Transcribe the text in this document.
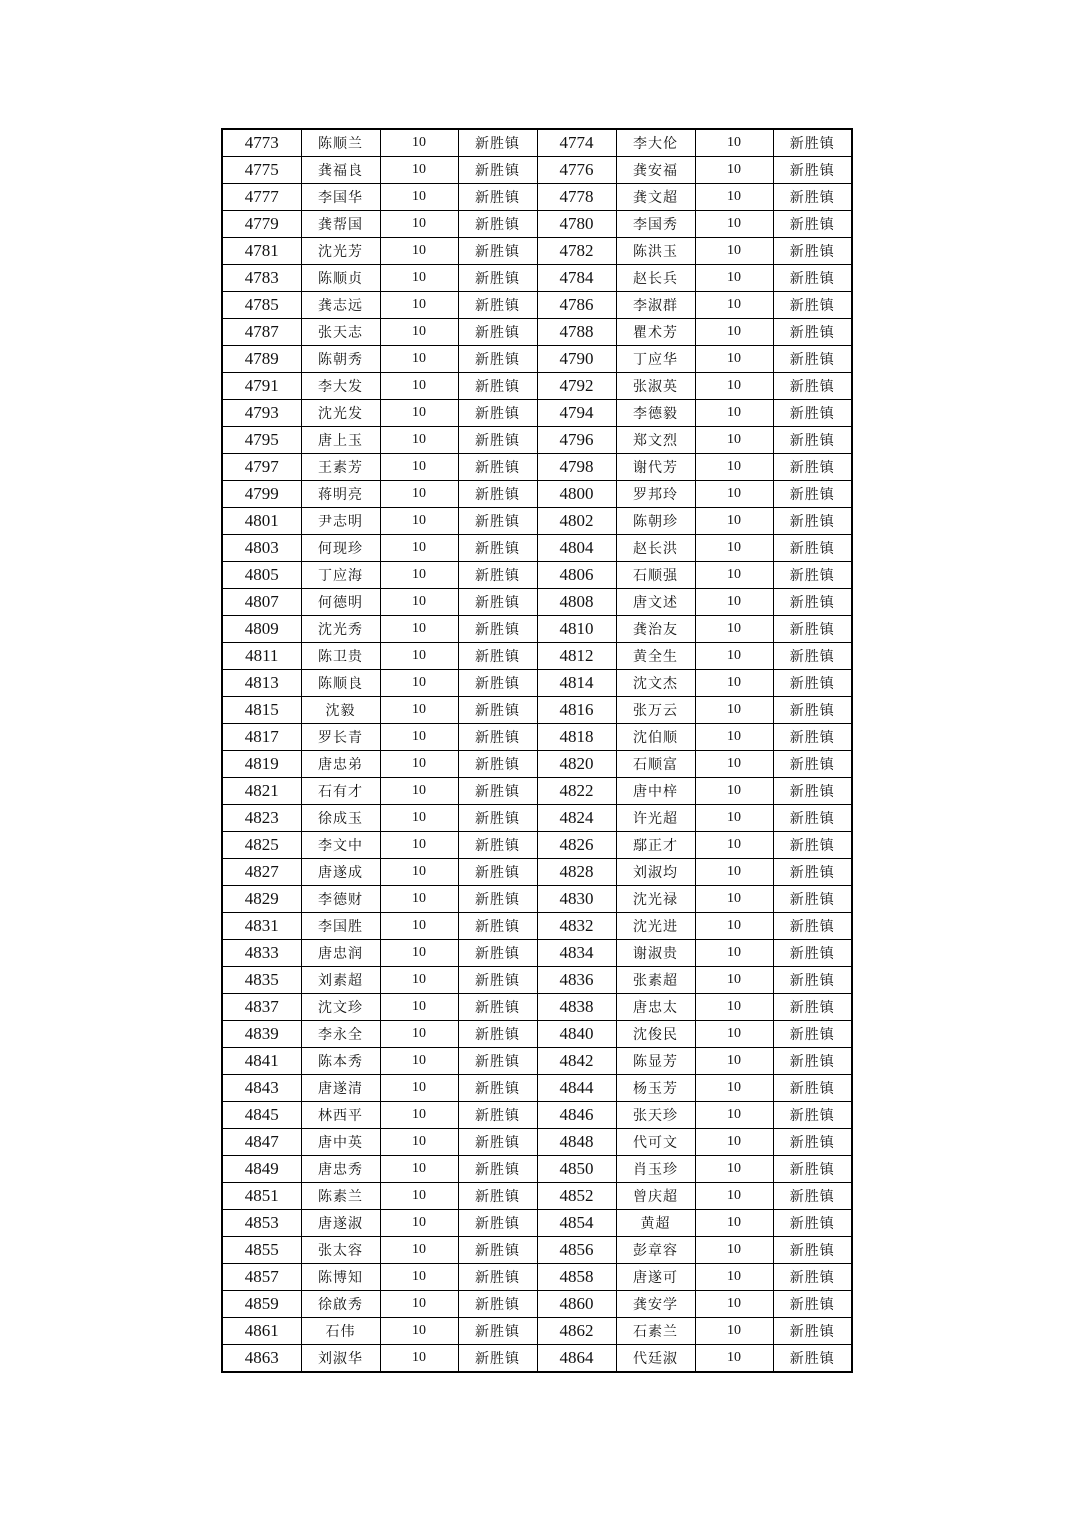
4773	陈顺兰	10	新胜镇	4774	李大伦	10	新胜镇
4775	龚福良	10	新胜镇	4776	龚安福	10	新胜镇
4777	李国华	10	新胜镇	4778	龚文超	10	新胜镇
4779	龚帮国	10	新胜镇	4780	李国秀	10	新胜镇
4781	沈光芳	10	新胜镇	4782	陈洪玉	10	新胜镇
4783	陈顺贞	10	新胜镇	4784	赵长兵	10	新胜镇
4785	龚志远	10	新胜镇	4786	李淑群	10	新胜镇
4787	张天志	10	新胜镇	4788	瞿术芳	10	新胜镇
4789	陈朝秀	10	新胜镇	4790	丁应华	10	新胜镇
4791	李大发	10	新胜镇	4792	张淑英	10	新胜镇
4793	沈光发	10	新胜镇	4794	李德毅	10	新胜镇
4795	唐上玉	10	新胜镇	4796	郑文烈	10	新胜镇
4797	王素芳	10	新胜镇	4798	谢代芳	10	新胜镇
4799	蒋明亮	10	新胜镇	4800	罗邦玲	10	新胜镇
4801	尹志明	10	新胜镇	4802	陈朝珍	10	新胜镇
4803	何现珍	10	新胜镇	4804	赵长洪	10	新胜镇
4805	丁应海	10	新胜镇	4806	石顺强	10	新胜镇
4807	何德明	10	新胜镇	4808	唐文述	10	新胜镇
4809	沈光秀	10	新胜镇	4810	龚治友	10	新胜镇
4811	陈卫贵	10	新胜镇	4812	黄全生	10	新胜镇
4813	陈顺良	10	新胜镇	4814	沈文杰	10	新胜镇
4815	沈毅	10	新胜镇	4816	张万云	10	新胜镇
4817	罗长青	10	新胜镇	4818	沈伯顺	10	新胜镇
4819	唐忠弟	10	新胜镇	4820	石顺富	10	新胜镇
4821	石有才	10	新胜镇	4822	唐中梓	10	新胜镇
4823	徐成玉	10	新胜镇	4824	许光超	10	新胜镇
4825	李文中	10	新胜镇	4826	鄢正才	10	新胜镇
4827	唐遂成	10	新胜镇	4828	刘淑均	10	新胜镇
4829	李德财	10	新胜镇	4830	沈光禄	10	新胜镇
4831	李国胜	10	新胜镇	4832	沈光进	10	新胜镇
4833	唐忠润	10	新胜镇	4834	谢淑贵	10	新胜镇
4835	刘素超	10	新胜镇	4836	张素超	10	新胜镇
4837	沈文珍	10	新胜镇	4838	唐忠太	10	新胜镇
4839	李永全	10	新胜镇	4840	沈俊民	10	新胜镇
4841	陈本秀	10	新胜镇	4842	陈显芳	10	新胜镇
4843	唐遂清	10	新胜镇	4844	杨玉芳	10	新胜镇
4845	林西平	10	新胜镇	4846	张天珍	10	新胜镇
4847	唐中英	10	新胜镇	4848	代可文	10	新胜镇
4849	唐忠秀	10	新胜镇	4850	肖玉珍	10	新胜镇
4851	陈素兰	10	新胜镇	4852	曾庆超	10	新胜镇
4853	唐遂淑	10	新胜镇	4854	黄超	10	新胜镇
4855	张太容	10	新胜镇	4856	彭章容	10	新胜镇
4857	陈博知	10	新胜镇	4858	唐遂可	10	新胜镇
4859	徐啟秀	10	新胜镇	4860	龚安学	10	新胜镇
4861	石伟	10	新胜镇	4862	石素兰	10	新胜镇
4863	刘淑华	10	新胜镇	4864	代廷淑	10	新胜镇
